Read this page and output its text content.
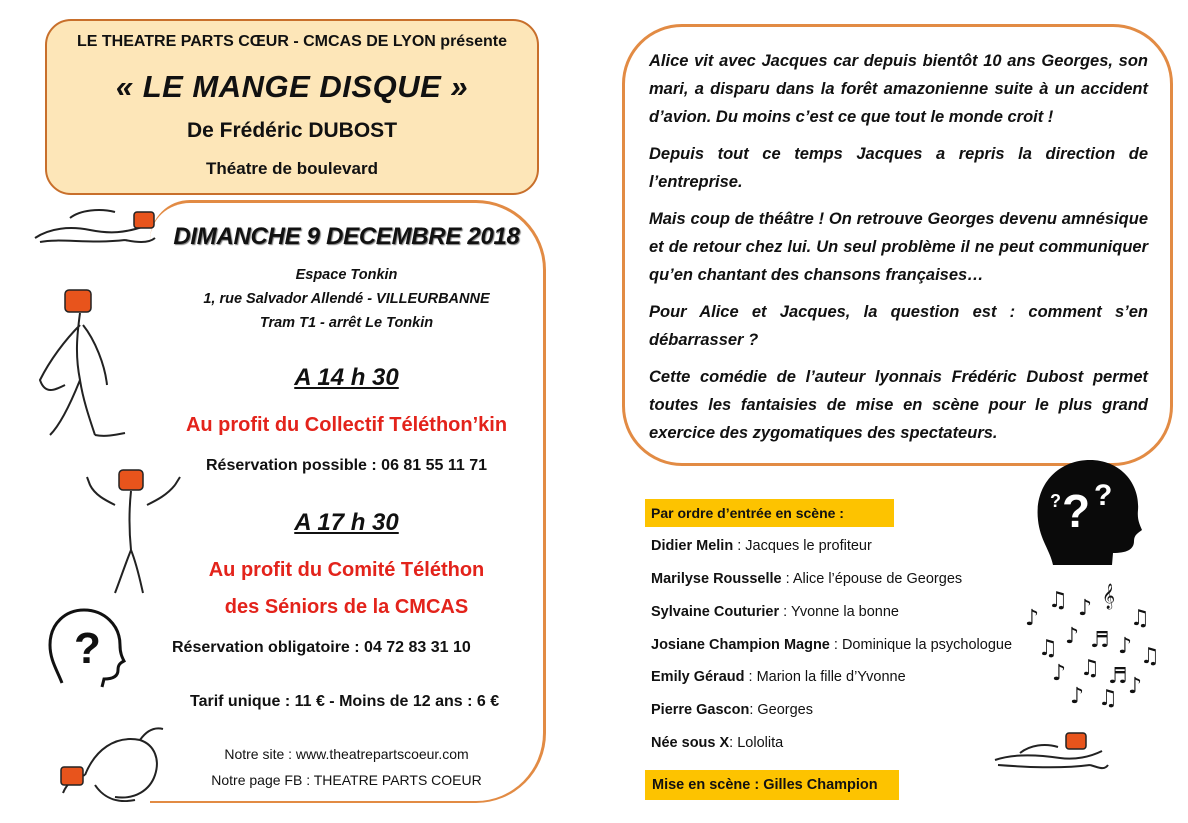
LE THEATRE PARTS CŒUR - CMCAS DE LYON présente
« LE MANGE DISQUE »
De Frédéric DUBOST
Théatre de boulevard
DIMANCHE 9 DECEMBRE 2018
Espace Tonkin
1, rue Salvador Allendé - VILLEURBANNE
Tram T1 - arrêt Le Tonkin
A 14 h 30
Au profit du Collectif Téléthon’kin
Réservation possible : 06 81 55 11 71
A 17 h 30
Au profit du Comité Téléthon
des Séniors de la CMCAS
Réservation obligatoire : 04 72 83 31 10
Tarif unique : 11 € - Moins de 12 ans : 6 €
Notre site : www.theatrepartscoeur.com
Notre page FB : THEATRE PARTS COEUR

Alice vit avec Jacques car depuis bientôt 10 ans Georges, son mari, a disparu dans la forêt amazonienne suite à un accident d’avion. Du moins c’est ce que tout le monde croit !

Depuis tout ce temps Jacques a repris la direction de l’entreprise.

Mais coup de théâtre ! On retrouve Georges devenu amnésique et de retour chez lui. Un seul problème il ne peut communiquer qu’en chantant des chansons françaises…

Pour Alice et Jacques, la question est : comment s’en débarrasser ?

Cette comédie de l’auteur lyonnais Frédéric Dubost permet toutes les fantaisies de mise en scène pour le plus grand exercice des zygomatiques des spectateurs.

Par ordre d’entrée en scène :
Didier Melin : Jacques le profiteur
Marilyse Rousselle : Alice l’épouse de Georges
Sylvaine Couturier : Yvonne la bonne
Josiane Champion Magne : Dominique la psychologue
Emily Géraud : Marion la fille d’Yvonne
Pierre Gascon: Georges
Née sous X: Lololita
Mise en scène : Gilles Champion
?
? ?
?
♪
♫ ♪ 𝄞
♫
♫ ♪ ♬ ♪ ♫
♪ ♫ ♬
♪ ♫ ♪
